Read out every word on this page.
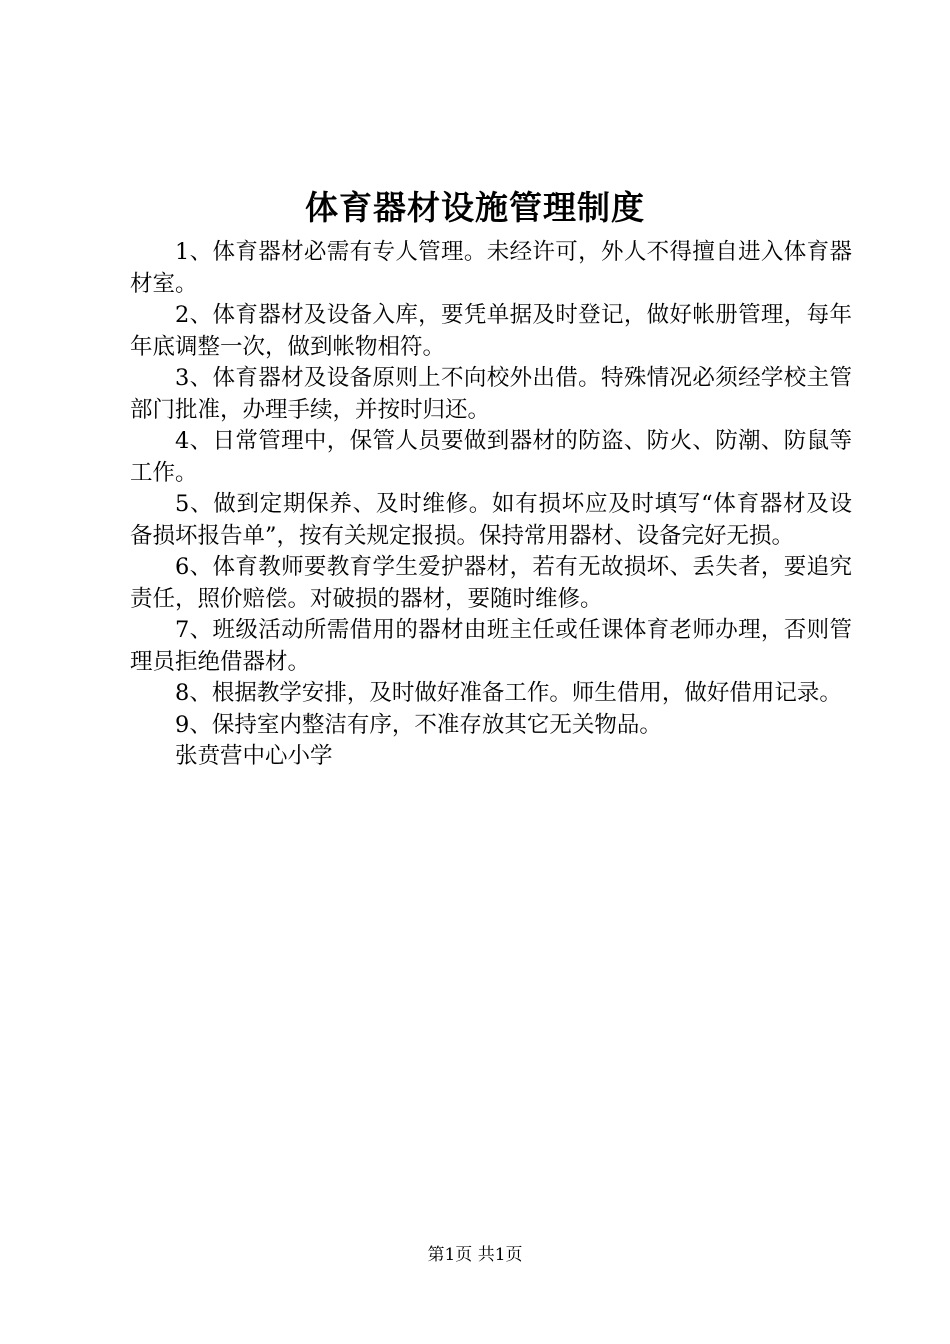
体育器材设施管理制度

1、体育器材必需有专人管理。未经许可，外人不得擅自进入体育器材室。

2、体育器材及设备入库，要凭单据及时登记，做好帐册管理，每年年底调整一次，做到帐物相符。

3、体育器材及设备原则上不向校外出借。特殊情况必须经学校主管部门批准，办理手续，并按时归还。

4、日常管理中，保管人员要做到器材的防盗、防火、防潮、防鼠等工作。

5、做到定期保养、及时维修。如有损坏应及时填写“体育器材及设备损坏报告单”，按有关规定报损。保持常用器材、设备完好无损。

6、体育教师要教育学生爱护器材，若有无故损坏、丢失者，要追究责任，照价赔偿。对破损的器材，要随时维修。

7、班级活动所需借用的器材由班主任或任课体育老师办理，否则管理员拒绝借器材。

8、根据教学安排，及时做好准备工作。师生借用，做好借用记录。

9、保持室内整洁有序，不准存放其它无关物品。

张贲营中心小学

第1页 共1页
